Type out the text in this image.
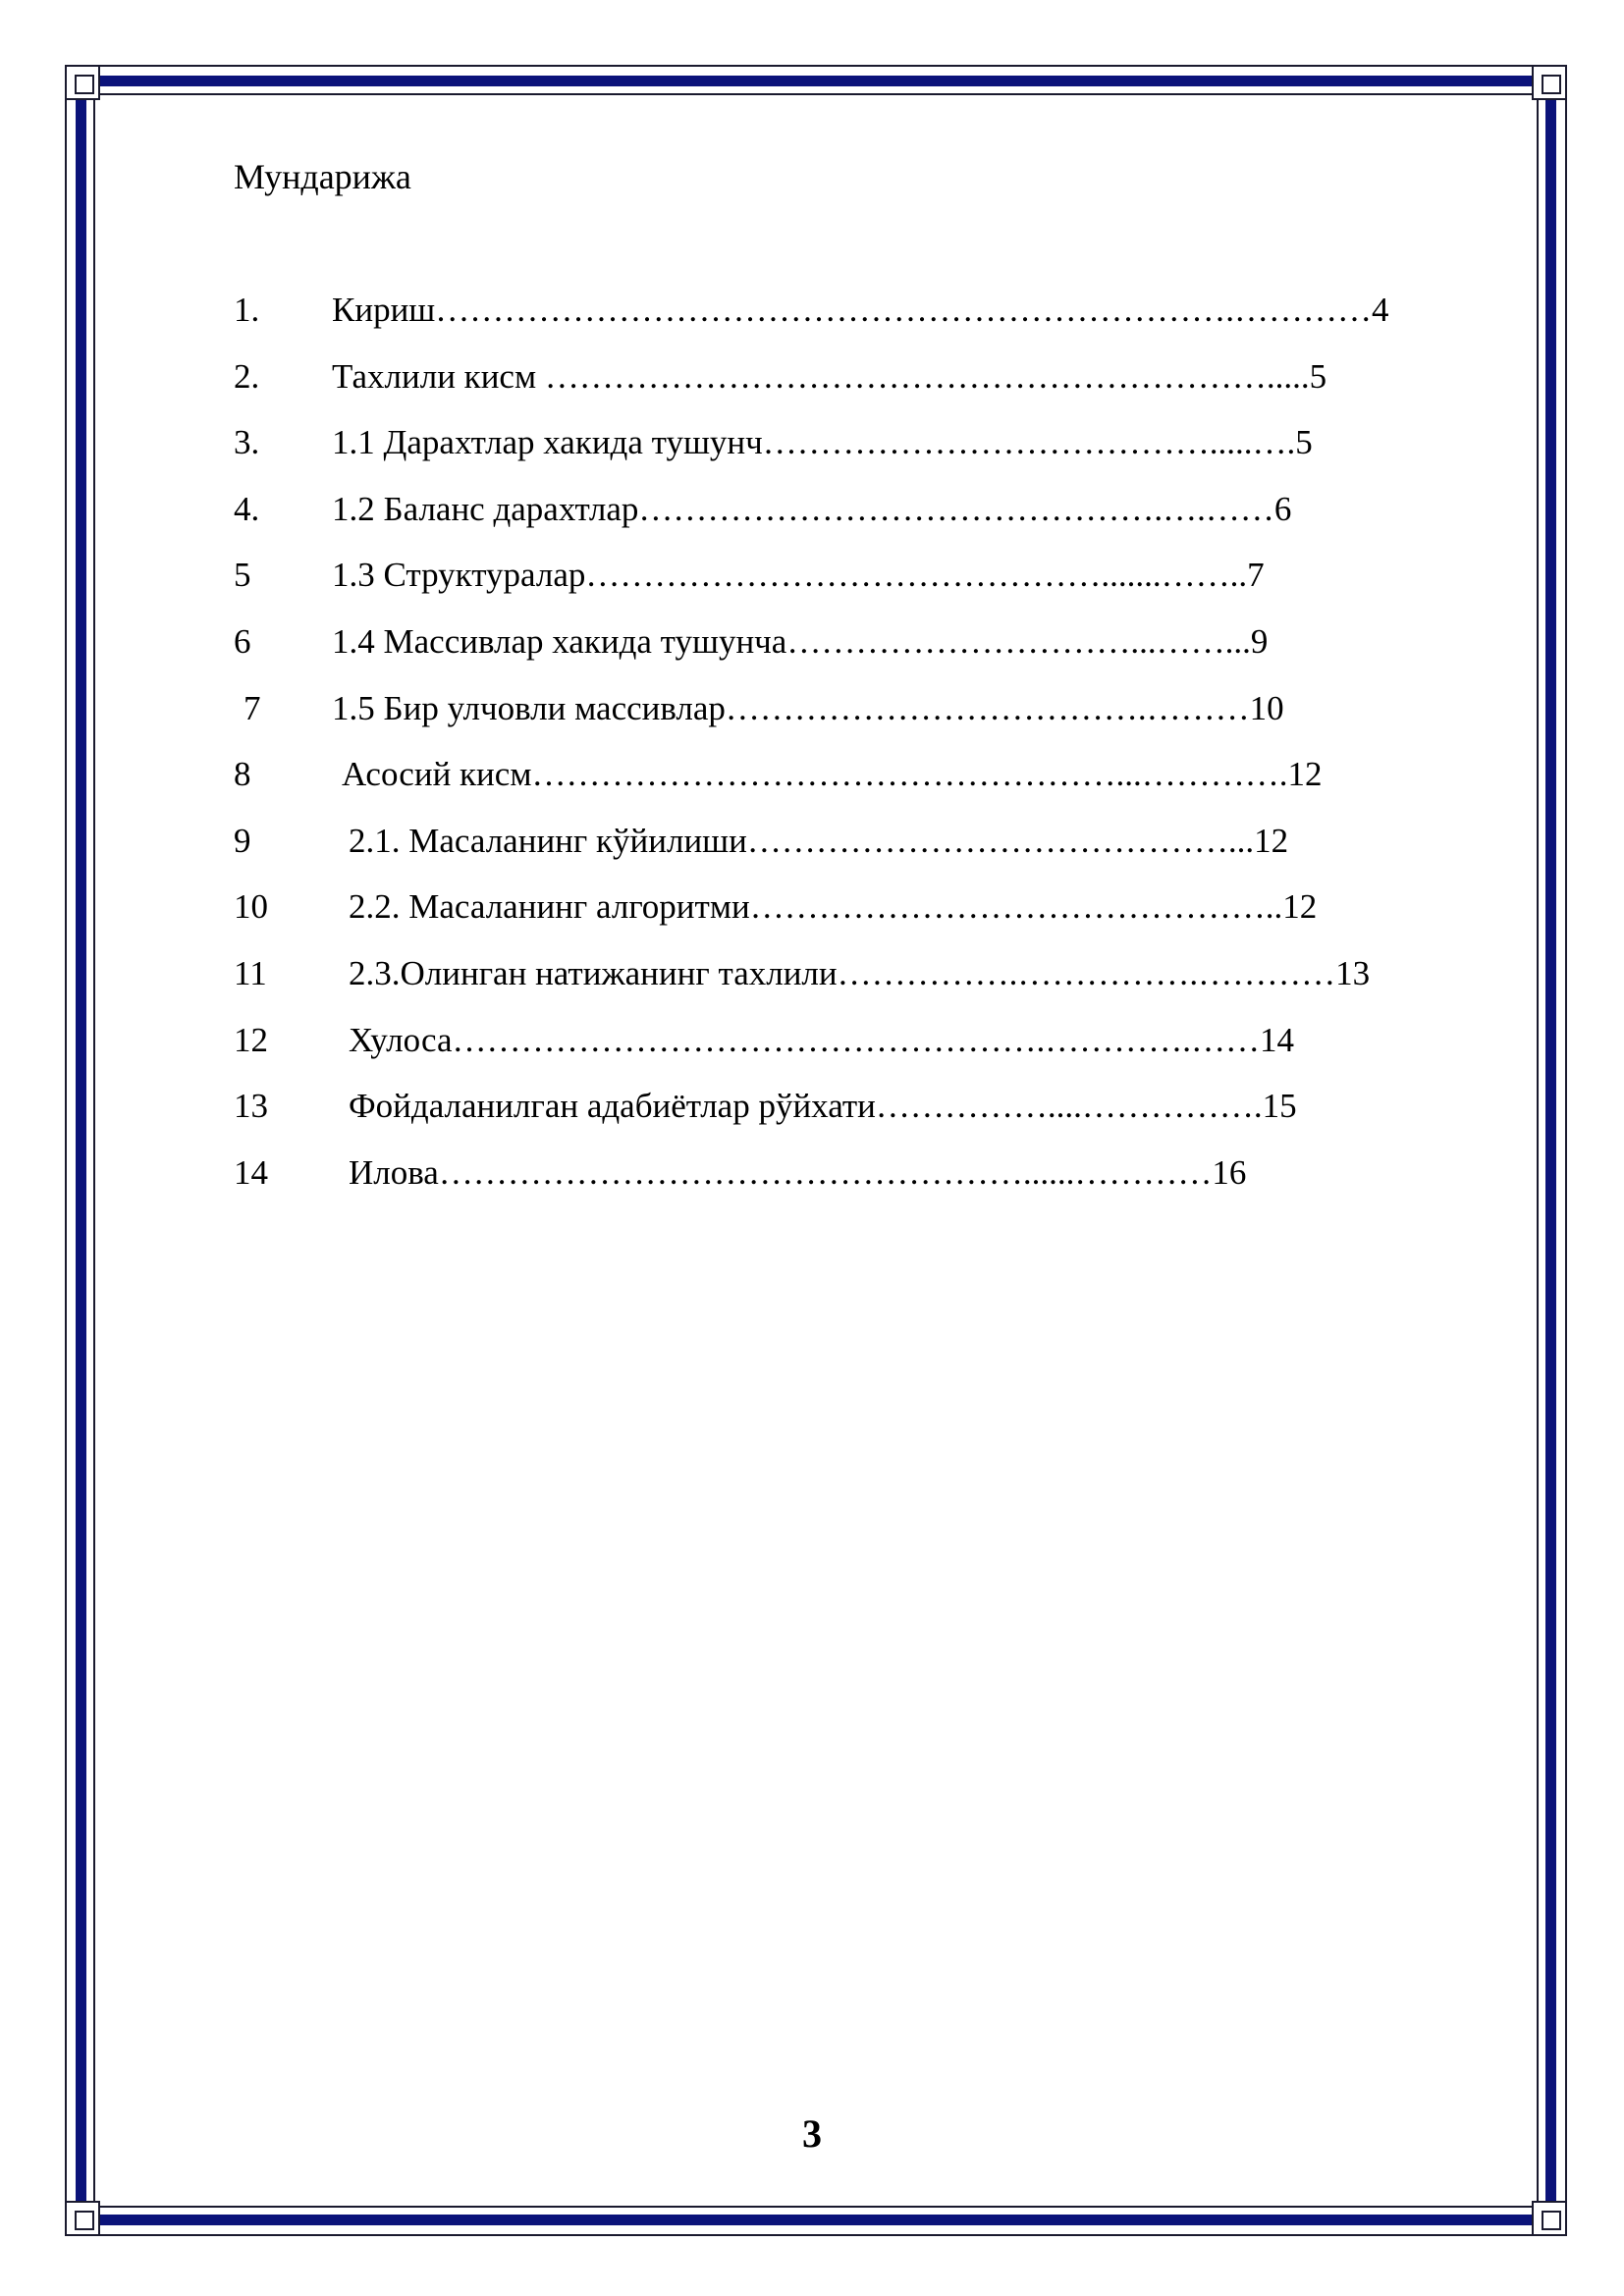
Мундарижа
1. Кириш…………………………………………………………….…………4
2. Тахлили кисм ……………………………………………………….....5
3. 1.1 Дарахтлар хакида тушунч………………………………….....….5
4. 1.2 Баланс дарахтлар……………………………………….….……6
5 1.3 Структуралар……………………………………….......……..7
6 1.4 Массивлар хакида тушунча…………………………...……...9
7 1.5 Бир улчовли массивлар……………………………….………10
8	Асосий кисм……………………………………………...………….12
9	2.1. Масаланинг кўйилиши……………………………………...12
10 2.2. Масаланинг алгоритми………………………………………..12
11 2.3.Олинган натижанинг тахлили…………….…………….…………13
12 Хулоса…………………………………………….………….……14
13 Фойдаланилган адабиётлар рўйхати……………....…………….15
14 Илова……………………………………………......…………16
3
